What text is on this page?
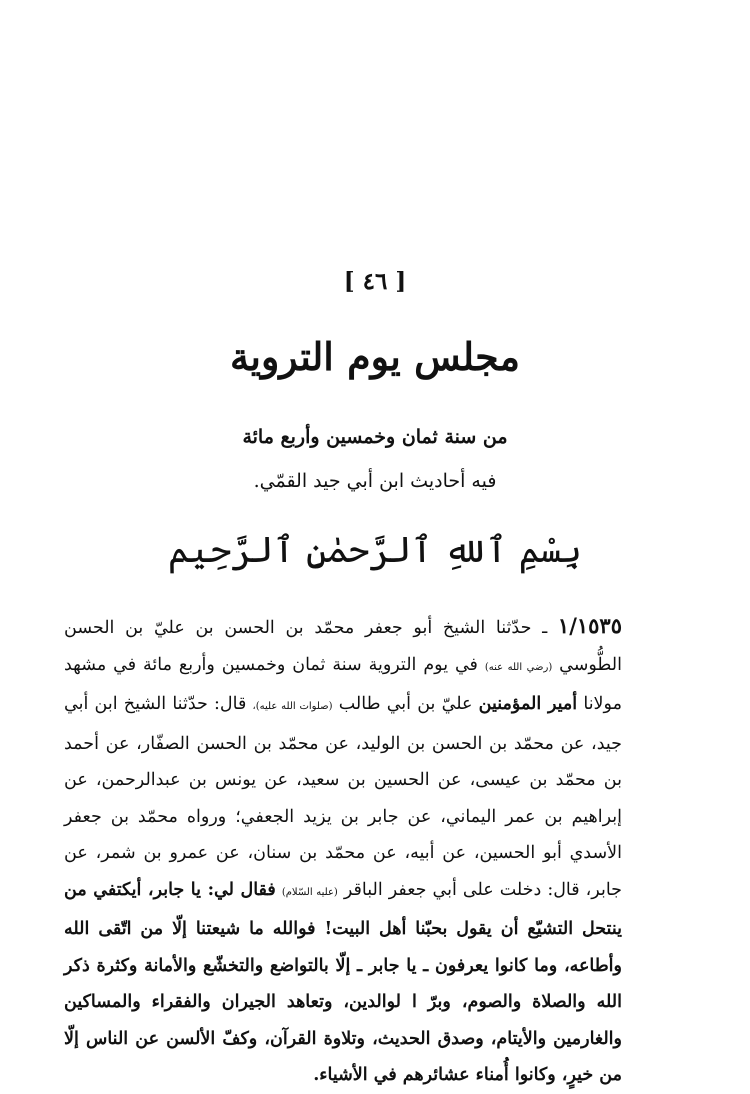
[ ٤٦ ]
مجلس يوم التروية
من سنة ثمان وخمسين وأربع مائة
فيه أحاديث ابن أبي جيد القمّي.
بِسْمِ ٱللهِ ٱلرَّحمٰنِ ٱلرَّحِيم
١/١٥٣٥ ـ حدّثنا الشيخ أبو جعفر محمّد بن الحسن بن عليّ بن الحسن الطُّوسي (رضي الله عنه) في يوم التروية سنة ثمان وخمسين وأربع مائة في مشهد مولانا أمير المؤمنين عليّ بن أبي طالب (صلوات الله عليه)، قال: حدّثنا الشيخ ابن أبي جيد، عن محمّد بن الحسن بن الوليد، عن محمّد بن الحسن الصفّار، عن أحمد بن محمّد بن عيسى، عن الحسين بن سعيد، عن يونس بن عبدالرحمن، عن إبراهيم بن عمر اليماني، عن جابر بن يزيد الجعفي؛ ورواه محمّد بن جعفر الأسدي أبو الحسين، عن أبيه، عن محمّد بن سنان، عن عمرو بن شمر، عن جابر، قال: دخلت على أبي جعفر الباقر (عليه السّلام) فقال لي: يا جابر، أيكتفي من ينتحل التشيّع أن يقول بحبّنا أهل البيت! فوالله ما شيعتنا إلّا من اتّقى الله وأطاعه، وما كانوا يعرفون ـ يا جابر ـ إلّا بالتواضع والتخشّع والأمانة وكثرة ذكر الله والصلاة والصوم، وبرّ ا لوالدين، وتعاهد الجيران والفقراء والمساكين والغارمين والأيتام، وصدق الحديث، وتلاوة القرآن، وكفّ الألسن عن الناس إلّا من خيرٍ، وكانوا أُمناء عشائرهم في الأشياء.
